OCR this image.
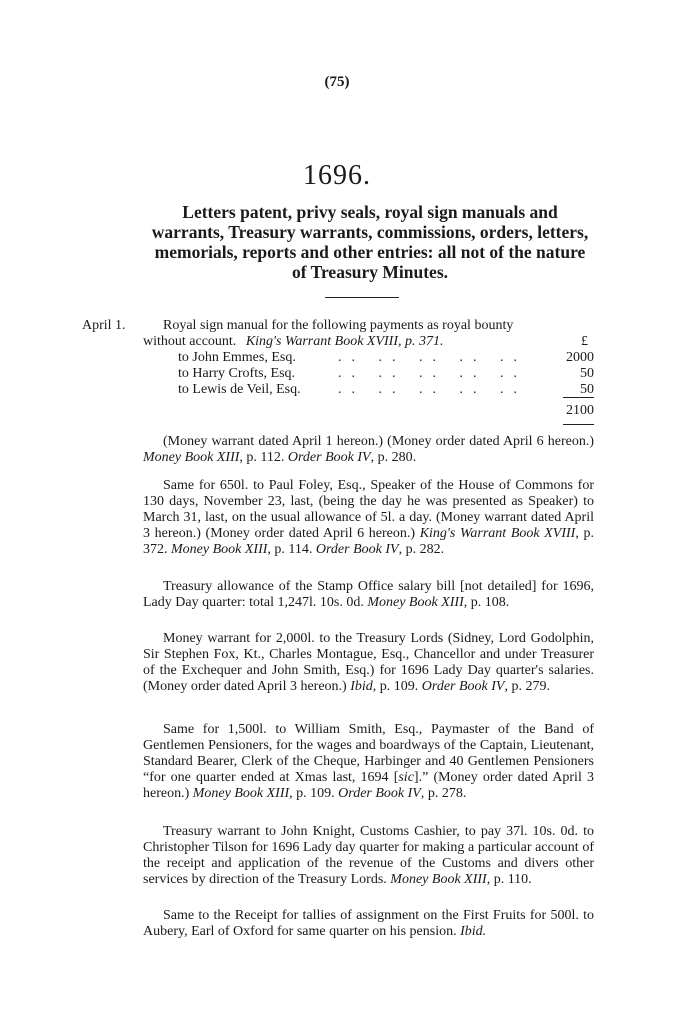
(75)
1696.
Letters patent, privy seals, royal sign manuals and warrants, Treasury warrants, commissions, orders, letters, memorials, reports and other entries: all not of the nature of Treasury Minutes.
April 1.	Royal sign manual for the following payments as royal bounty
without account. King's Warrant Book XVIII, p. 371.	£
to John Emmes, Esq.	.. .. .. .. ..	2000
to Harry Crofts, Esq.	.. .. .. .. ..	50
to Lewis de Veil, Esq.	.. .. .. .. ..	50
2100
(Money warrant dated April 1 hereon.) (Money order dated April 6 hereon.) Money Book XIII, p. 112. Order Book IV, p. 280.
Same for 650l. to Paul Foley, Esq., Speaker of the House of Commons for 130 days, November 23, last, (being the day he was presented as Speaker) to March 31, last, on the usual allowance of 5l. a day. (Money warrant dated April 3 hereon.) (Money order dated April 6 hereon.) King's Warrant Book XVIII, p. 372. Money Book XIII, p. 114. Order Book IV, p. 282.
Treasury allowance of the Stamp Office salary bill [not detailed] for 1696, Lady Day quarter: total 1,247l. 10s. 0d. Money Book XIII, p. 108.
Money warrant for 2,000l. to the Treasury Lords (Sidney, Lord Godolphin, Sir Stephen Fox, Kt., Charles Montague, Esq., Chancellor and under Treasurer of the Exchequer and John Smith, Esq.) for 1696 Lady Day quarter's salaries. (Money order dated April 3 hereon.) Ibid, p. 109. Order Book IV, p. 279.
Same for 1,500l. to William Smith, Esq., Paymaster of the Band of Gentlemen Pensioners, for the wages and boardways of the Captain, Lieutenant, Standard Bearer, Clerk of the Cheque, Harbinger and 40 Gentlemen Pensioners “for one quarter ended at Xmas last, 1694 [sic].” (Money order dated April 3 hereon.) Money Book XIII, p. 109. Order Book IV, p. 278.
Treasury warrant to John Knight, Customs Cashier, to pay 37l. 10s. 0d. to Christopher Tilson for 1696 Lady day quarter for making a particular account of the receipt and application of the revenue of the Customs and divers other services by direction of the Treasury Lords. Money Book XIII, p. 110.
Same to the Receipt for tallies of assignment on the First Fruits for 500l. to Aubery, Earl of Oxford for same quarter on his pension. Ibid.
